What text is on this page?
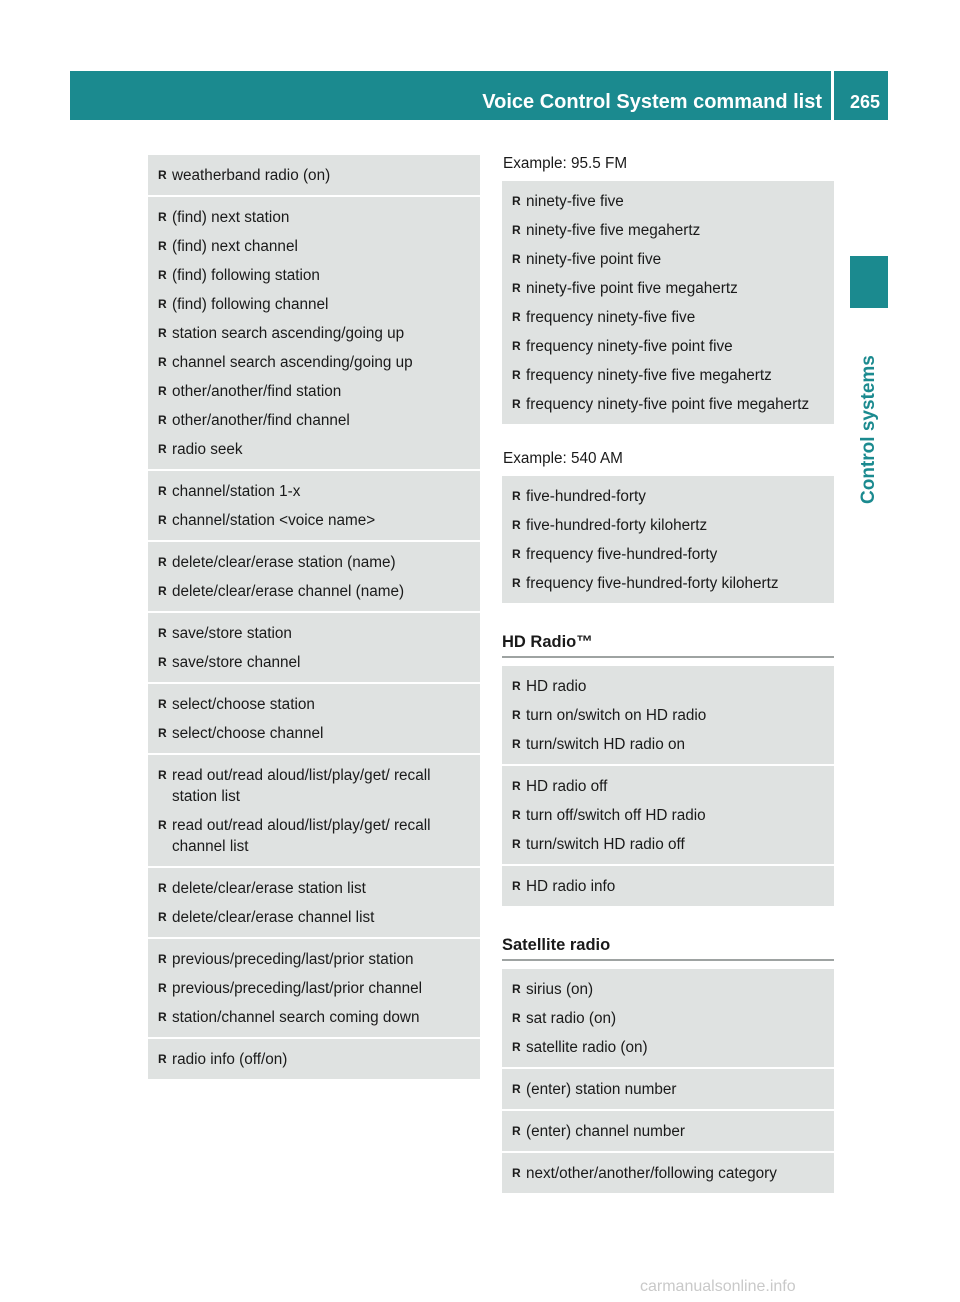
Voice Control System command list 265
Control systems
R weatherband radio (on)
R (find) next station
R (find) next channel
R (find) following station
R (find) following channel
R station search ascending/going up
R channel search ascending/going up
R other/another/find station
R other/another/find channel
R radio seek
R channel/station 1-x
R channel/station <voice name>
R delete/clear/erase station (name)
R delete/clear/erase channel (name)
R save/store station
R save/store channel
R select/choose station
R select/choose channel
R read out/read aloud/list/play/get/ recall station list
R read out/read aloud/list/play/get/ recall channel list
R delete/clear/erase station list
R delete/clear/erase channel list
R previous/preceding/last/prior station
R previous/preceding/last/prior channel
R station/channel search coming down
R radio info (off/on)
Example: 95.5 FM
R ninety-five five
R ninety-five five megahertz
R ninety-five point five
R ninety-five point five megahertz
R frequency ninety-five five
R frequency ninety-five point five
R frequency ninety-five five megahertz
R frequency ninety-five point five megahertz
Example: 540 AM
R five-hundred-forty
R five-hundred-forty kilohertz
R frequency five-hundred-forty
R frequency five-hundred-forty kilohertz
HD Radio™
R HD radio
R turn on/switch on HD radio
R turn/switch HD radio on
R HD radio off
R turn off/switch off HD radio
R turn/switch HD radio off
R HD radio info
Satellite radio
R sirius (on)
R sat radio (on)
R satellite radio (on)
R (enter) station number
R (enter) channel number
R next/other/another/following category
carmanualsonline.info
